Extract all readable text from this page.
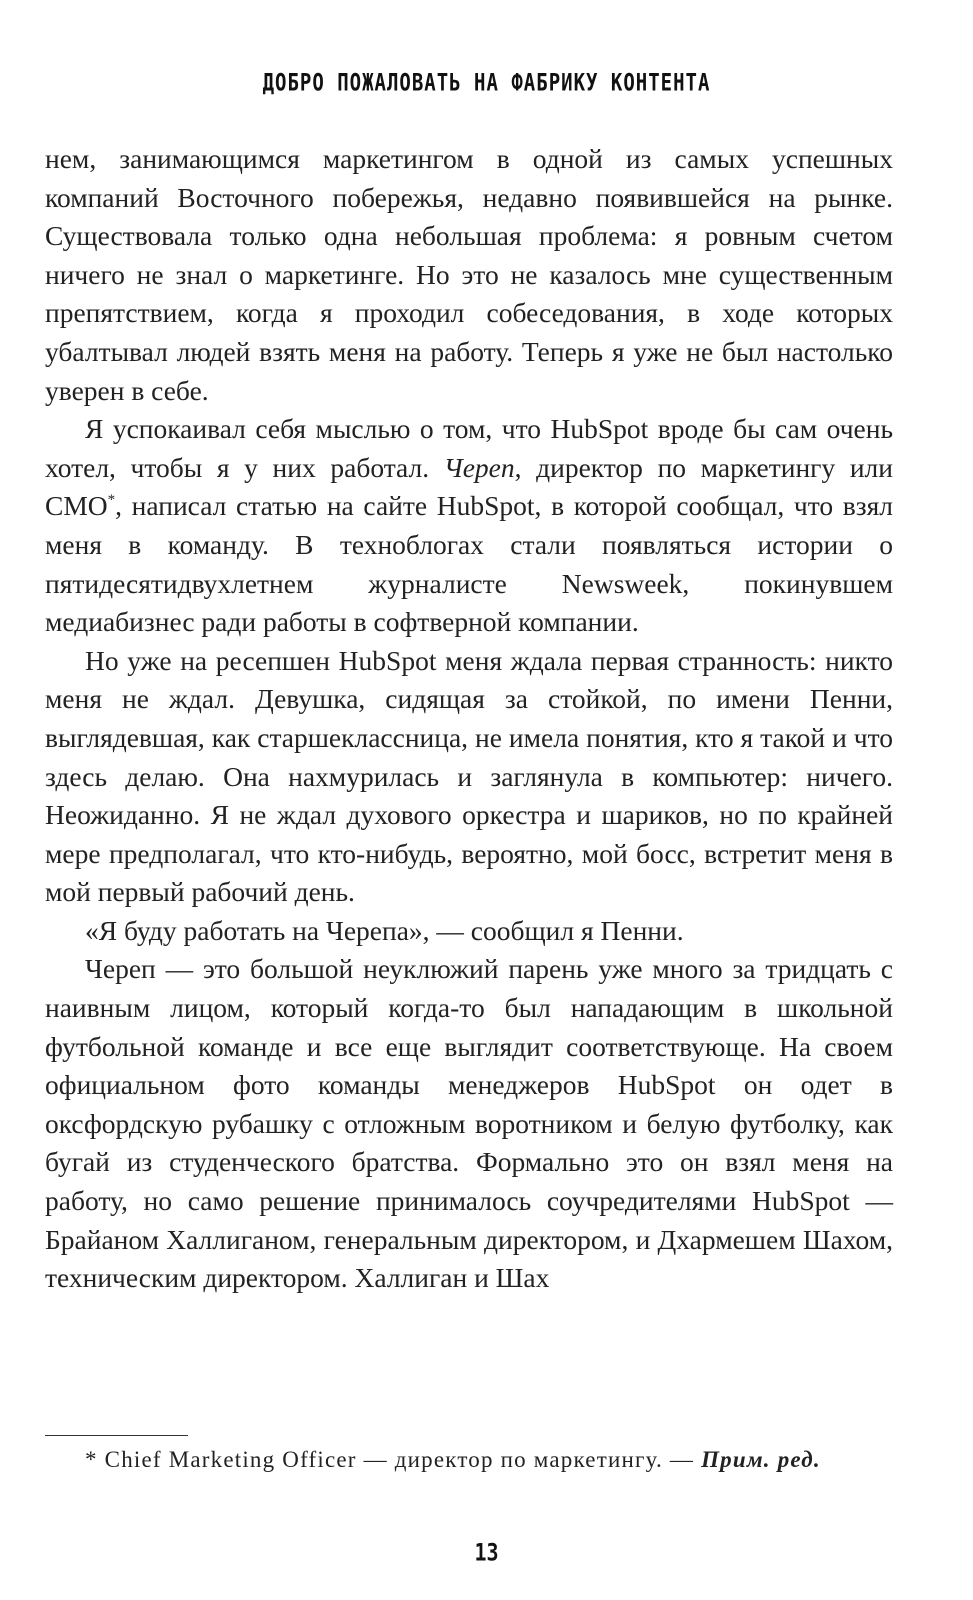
ДОБРО ПОЖАЛОВАТЬ НА ФАБРИКУ КОНТЕНТА

нем, занимающимся маркетингом в одной из самых успешных компаний Восточного побережья, недавно появившейся на рынке. Существовала только одна небольшая проблема: я ровным счетом ничего не знал о маркетинге. Но это не казалось мне существенным препятствием, когда я проходил собеседования, в ходе которых убалтывал людей взять меня на работу. Теперь я уже не был настолько уверен в себе.

Я успокаивал себя мыслью о том, что HubSpot вроде бы сам очень хотел, чтобы я у них работал. Череп, директор по маркетингу или CMO*, написал статью на сайте HubSpot, в которой сообщал, что взял меня в команду. В техноблогах стали появляться истории о пятидесятидвухлетнем журналисте Newsweek, покинувшем медиабизнес ради работы в софтверной компании.

Но уже на ресепшен HubSpot меня ждала первая странность: никто меня не ждал. Девушка, сидящая за стойкой, по имени Пенни, выглядевшая, как старшеклассница, не имела понятия, кто я такой и что здесь делаю. Она нахмурилась и заглянула в компьютер: ничего. Неожиданно. Я не ждал духового оркестра и шариков, но по крайней мере предполагал, что кто-нибудь, вероятно, мой босс, встретит меня в мой первый рабочий день.

«Я буду работать на Черепа», — сообщил я Пенни.

Череп — это большой неуклюжий парень уже много за тридцать с наивным лицом, который когда-то был нападающим в школьной футбольной команде и все еще выглядит соответствующе. На своем официальном фото команды менеджеров HubSpot он одет в оксфордскую рубашку с отложным воротником и белую футболку, как бугай из студенческого братства. Формально это он взял меня на работу, но само решение принималось соучредителями HubSpot — Брайаном Халлиганом, генеральным директором, и Дхармешем Шахом, техническим директором. Халлиган и Шах

* Chief Marketing Officer — директор по маркетингу. — Прим. ред.
13
